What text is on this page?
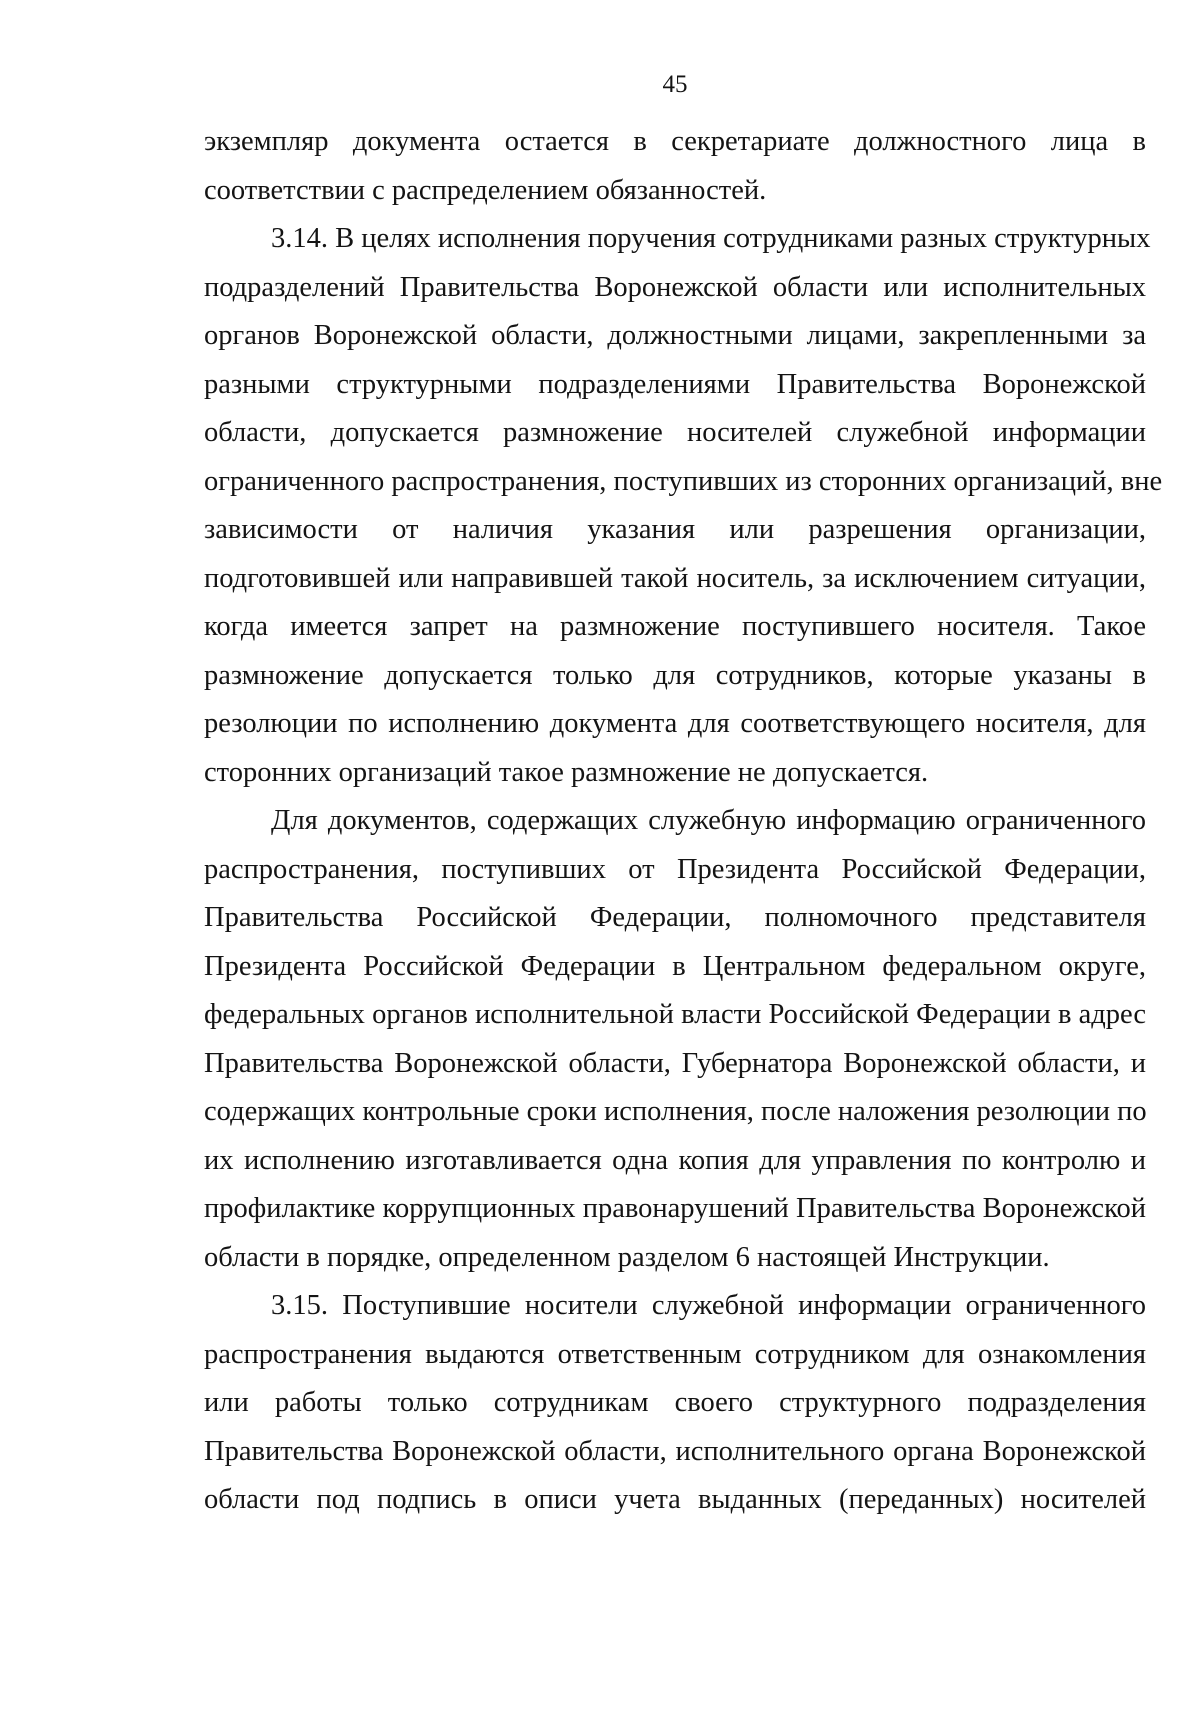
45
экземпляр документа остается в секретариате должностного лица в
соответствии с распределением обязанностей.
3.14. В целях исполнения поручения сотрудниками разных структурных
подразделений Правительства Воронежской области или исполнительных
органов Воронежской области, должностными лицами, закрепленными за
разными структурными подразделениями Правительства Воронежской
области, допускается размножение носителей служебной информации
ограниченного распространения, поступивших из сторонних организаций, вне
зависимости от наличия указания или разрешения организации,
подготовившей или направившей такой носитель, за исключением ситуации,
когда имеется запрет на размножение поступившего носителя. Такое
размножение допускается только для сотрудников, которые указаны в
резолюции по исполнению документа для соответствующего носителя, для
сторонних организаций такое размножение не допускается.
Для документов, содержащих служебную информацию ограниченного
распространения, поступивших от Президента Российской Федерации,
Правительства Российской Федерации, полномочного представителя
Президента Российской Федерации в Центральном федеральном округе,
федеральных органов исполнительной власти Российской Федерации в адрес
Правительства Воронежской области, Губернатора Воронежской области, и
содержащих контрольные сроки исполнения, после наложения резолюции по
их исполнению изготавливается одна копия для управления по контролю и
профилактике коррупционных правонарушений Правительства Воронежской
области в порядке, определенном разделом 6 настоящей Инструкции.
3.15. Поступившие носители служебной информации ограниченного
распространения выдаются ответственным сотрудником для ознакомления
или работы только сотрудникам своего структурного подразделения
Правительства Воронежской области, исполнительного органа Воронежской
области под подпись в описи учета выданных (переданных) носителей
